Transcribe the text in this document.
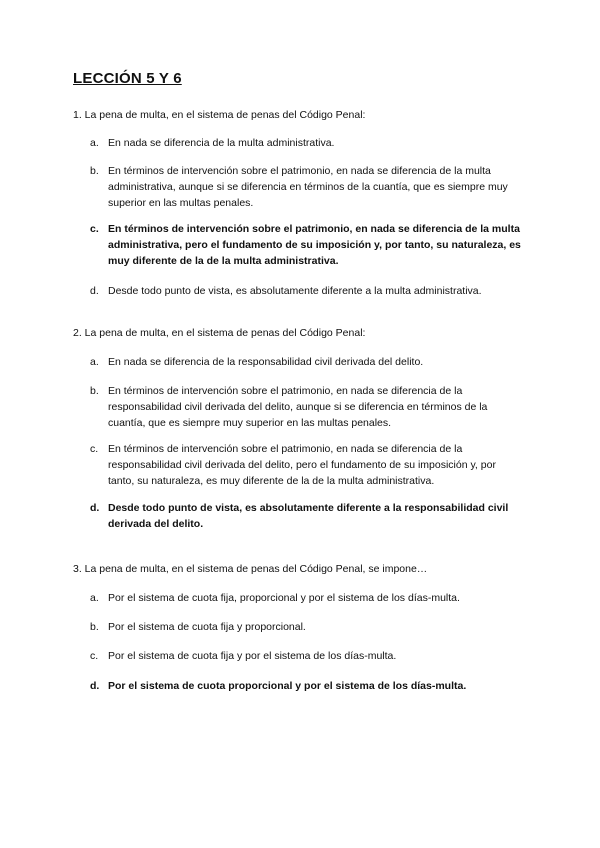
LECCIÓN 5 Y 6
1. La pena de multa, en el sistema de penas del Código Penal:
a. En nada se diferencia de la multa administrativa.
b. En términos de intervención sobre el patrimonio, en nada se diferencia de la multa administrativa, aunque si se diferencia en términos de la cuantía, que es siempre muy superior en las multas penales.
c. En términos de intervención sobre el patrimonio, en nada se diferencia de la multa administrativa, pero el fundamento de su imposición y, por tanto, su naturaleza, es muy diferente de la de la multa administrativa.
d. Desde todo punto de vista, es absolutamente diferente a la multa administrativa.
2. La pena de multa, en el sistema de penas del Código Penal:
a. En nada se diferencia de la responsabilidad civil derivada del delito.
b. En términos de intervención sobre el patrimonio, en nada se diferencia de la responsabilidad civil derivada del delito, aunque si se diferencia en términos de la cuantía, que es siempre muy superior en las multas penales.
c. En términos de intervención sobre el patrimonio, en nada se diferencia de la responsabilidad civil derivada del delito, pero el fundamento de su imposición y, por tanto, su naturaleza, es muy diferente de la de la multa administrativa.
d. Desde todo punto de vista, es absolutamente diferente a la responsabilidad civil derivada del delito.
3. La pena de multa, en el sistema de penas del Código Penal, se impone…
a. Por el sistema de cuota fija, proporcional y por el sistema de los días-multa.
b. Por el sistema de cuota fija y proporcional.
c. Por el sistema de cuota fija y por el sistema de los días-multa.
d. Por el sistema de cuota proporcional y por el sistema de los días-multa.
